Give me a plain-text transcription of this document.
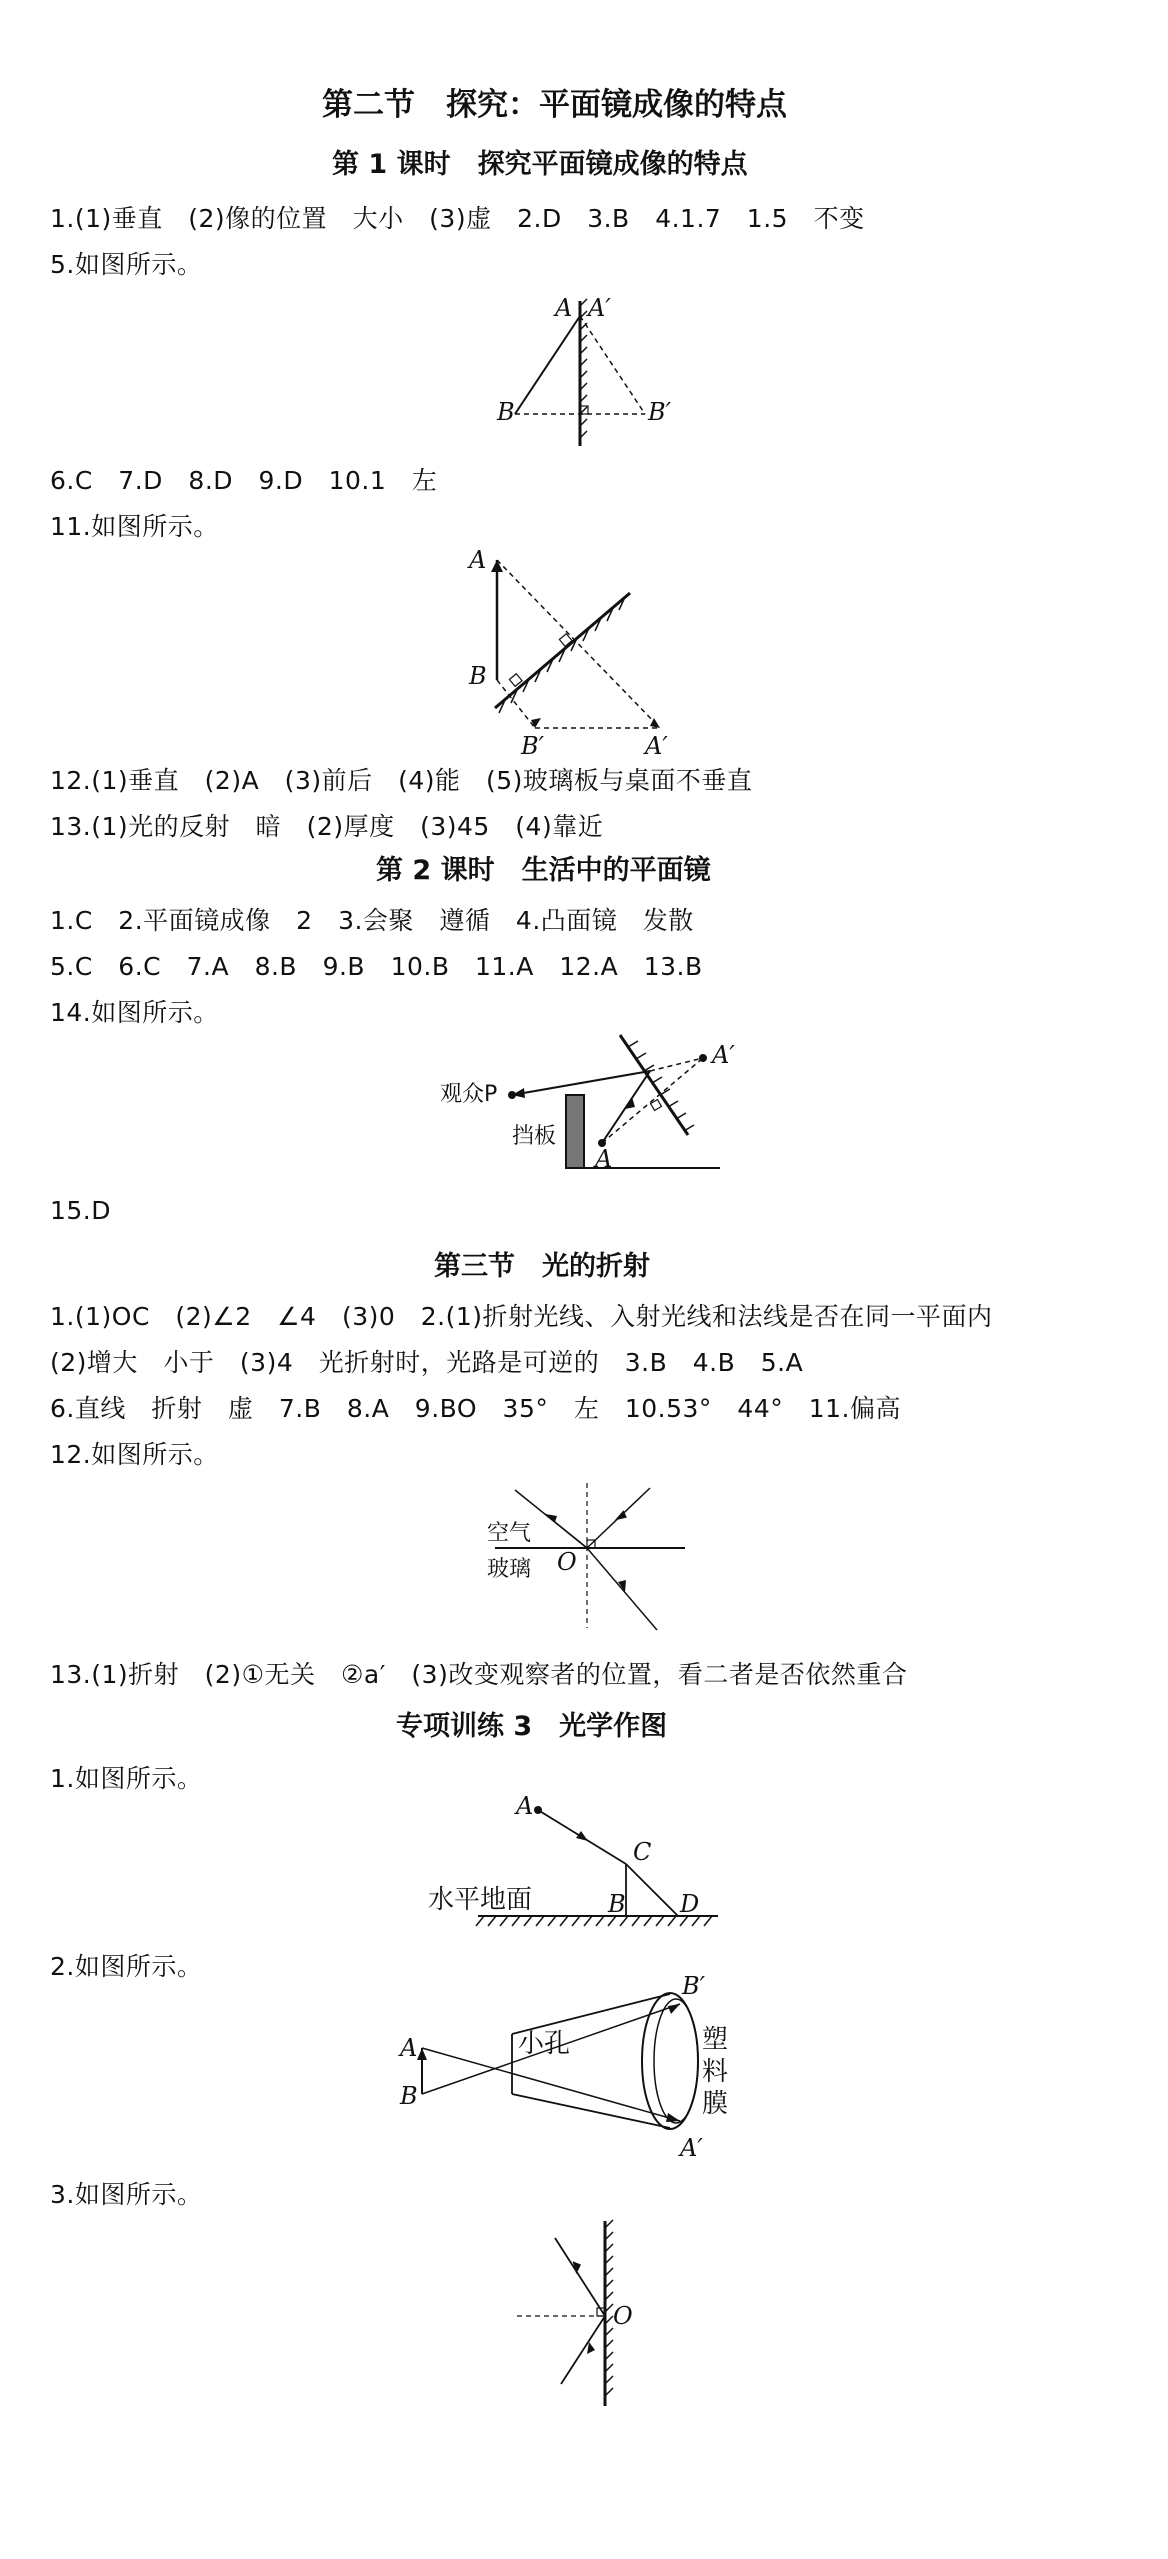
第二节　探究：平面镜成像的特点
第 1 课时　探究平面镜成像的特点
1.(1)垂直　(2)像的位置　大小　(3)虚　2.D　3.B　4.1.7　1.5　不变
5.如图所示。
A A′
B	B′
6.C　7.D　8.D　9.D　10.1　左
11.如图所示。
A
B
B′	A′
12.(1)垂直　(2)A　(3)前后　(4)能　(5)玻璃板与桌面不垂直
13.(1)光的反射　暗　(2)厚度　(3)45　(4)靠近
第 2 课时　生活中的平面镜
1.C　2.平面镜成像　2　3.会聚　遵循　4.凸面镜　发散
5.C　6.C　7.A　8.B　9.B　10.B　11.A　12.A　13.B
14.如图所示。
观众P
挡板
A
A′
15.D
第三节　光的折射
1.(1)OC　(2)∠2　∠4　(3)0　2.(1)折射光线、入射光线和法线是否在同一平面内
(2)增大　小于　(3)4　光折射时，光路是可逆的　3.B　4.B　5.A
6.直线　折射　虚　7.B　8.A　9.BO　35°　左　10.53°　44°　11.偏高
12.如图所示。
空气
玻璃 O
13.(1)折射　(2)①无关　②a′　(3)改变观察者的位置，看二者是否依然重合
专项训练 3　光学作图
1.如图所示。
A
C
B D
水平地面
2.如图所示。
A
B
小孔
B′
A′
塑
料
膜
3.如图所示。
O
